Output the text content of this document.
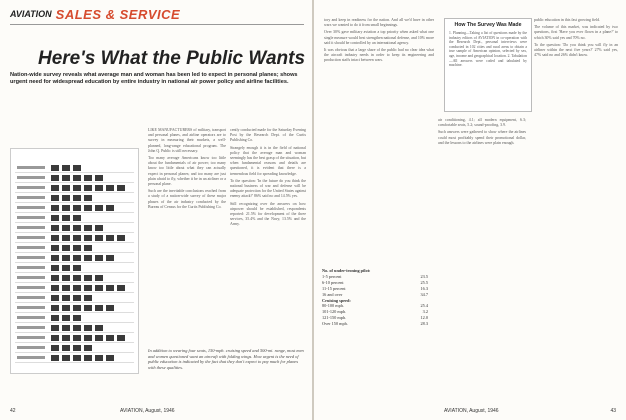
AVIATION SALES & SERVICE
Here's What the Public Wants
Nation-wide survey reveals what average man and woman has been led to expect in personal planes; shows urgent need for widespread education by entire industry in national air power policy and airline facilities.

LIKE MANUFACTURERS of military, transport and personal planes, and airline operators are to survey in measuring their markets, a well-planned, long-range educational program. The John Q. Public is still necessary.

Too many average Americans know too little about the fundamentals of air power; too many know too little about what they can actually expect in personal planes; and too many are just plain afraid to fly, whether it be in an airliner or a personal plane.

Such are the inevitable conclusions reached from a study of a nation-wide survey of these major phases of the air industry conducted by the Bureau of Census for the Curtis Publishing Co.

cently conducted made for the Saturday Evening Post by the Research Dept. of the Curtis Publishing Co.

Strangely enough it is in the field of national policy that the average man and woman seemingly has the best grasp of the situation, but when fundamental reasons and details are questioned, it is evident that there is a tremendous field for spreading knowledge.

To the question: 'In the future do you think the national business of war and defense will be adequate protection for the United States against enemy attack?' 86% said no and 14.5% yes.

Still recognizing over the answers on how airpower should be established, respondents reported: 21.5% for development of the three services, 35.4% and the Navy, 13.5% and the Army.

In addition to wearing four seats, 150-mph. cruising speed and 500-mi. range, most men and women questioned want an aircraft with folding wings. How urgent is the need of public education is indicated by the fact that they don't expect to pay much for planes with these qualities.
42	AVIATION, August, 1946

tory and keep in readiness for the nation. And all we'd have in other wars we wanted to do it from small beginnings.

Over 30% gave military aviation a top priority when asked what one single measure would best strengthen national defense, and 10% more said it should be controlled by an international agency.

It was obvious that a large share of the public had no clear idea what the aircraft industry needs in order to keep its engineering and production staffs intact between wars.

How The Survey Was Made
1. Planning—Taking a list of questions made by the industry editors of AVIATION in co-operation with the Research Dept., personal interviews were conducted in 102 cities and rural areas to obtain a true sample of American opinion, selected by sex, age, income and geographical location. 2. Tabulation—All answers were coded and tabulated by machine.
No. of under-ironing pilot:
1-5 percent	23.5
6-10 percent	25.5
11-15 percent	16.3
16 and over	34.7
Cruising speed:
80-100 mph.	25.4
101-120 mph.	3.2
121-150 mph.	12.0
Over 150 mph.	28.3

air conditioning, 4.1; all modern equipment, 6.3; comfortable seats, 5.2; sound-proofing, 3.9.

Such answers were gathered to show where the airlines could most profitably spend their promotional dollar, and the lessons to the airlines were plain enough.

public education in this fast growing field.

The volume of this market, was indicated by two questions, first 'Have you ever flown in a plane?' to which 30% said yes and 70% no.

To the question: 'Do you think you will fly in an airliner within the next five years?' 27% said yes, 47% said no and 26% didn't know.

AVIATION, August, 1946	43
